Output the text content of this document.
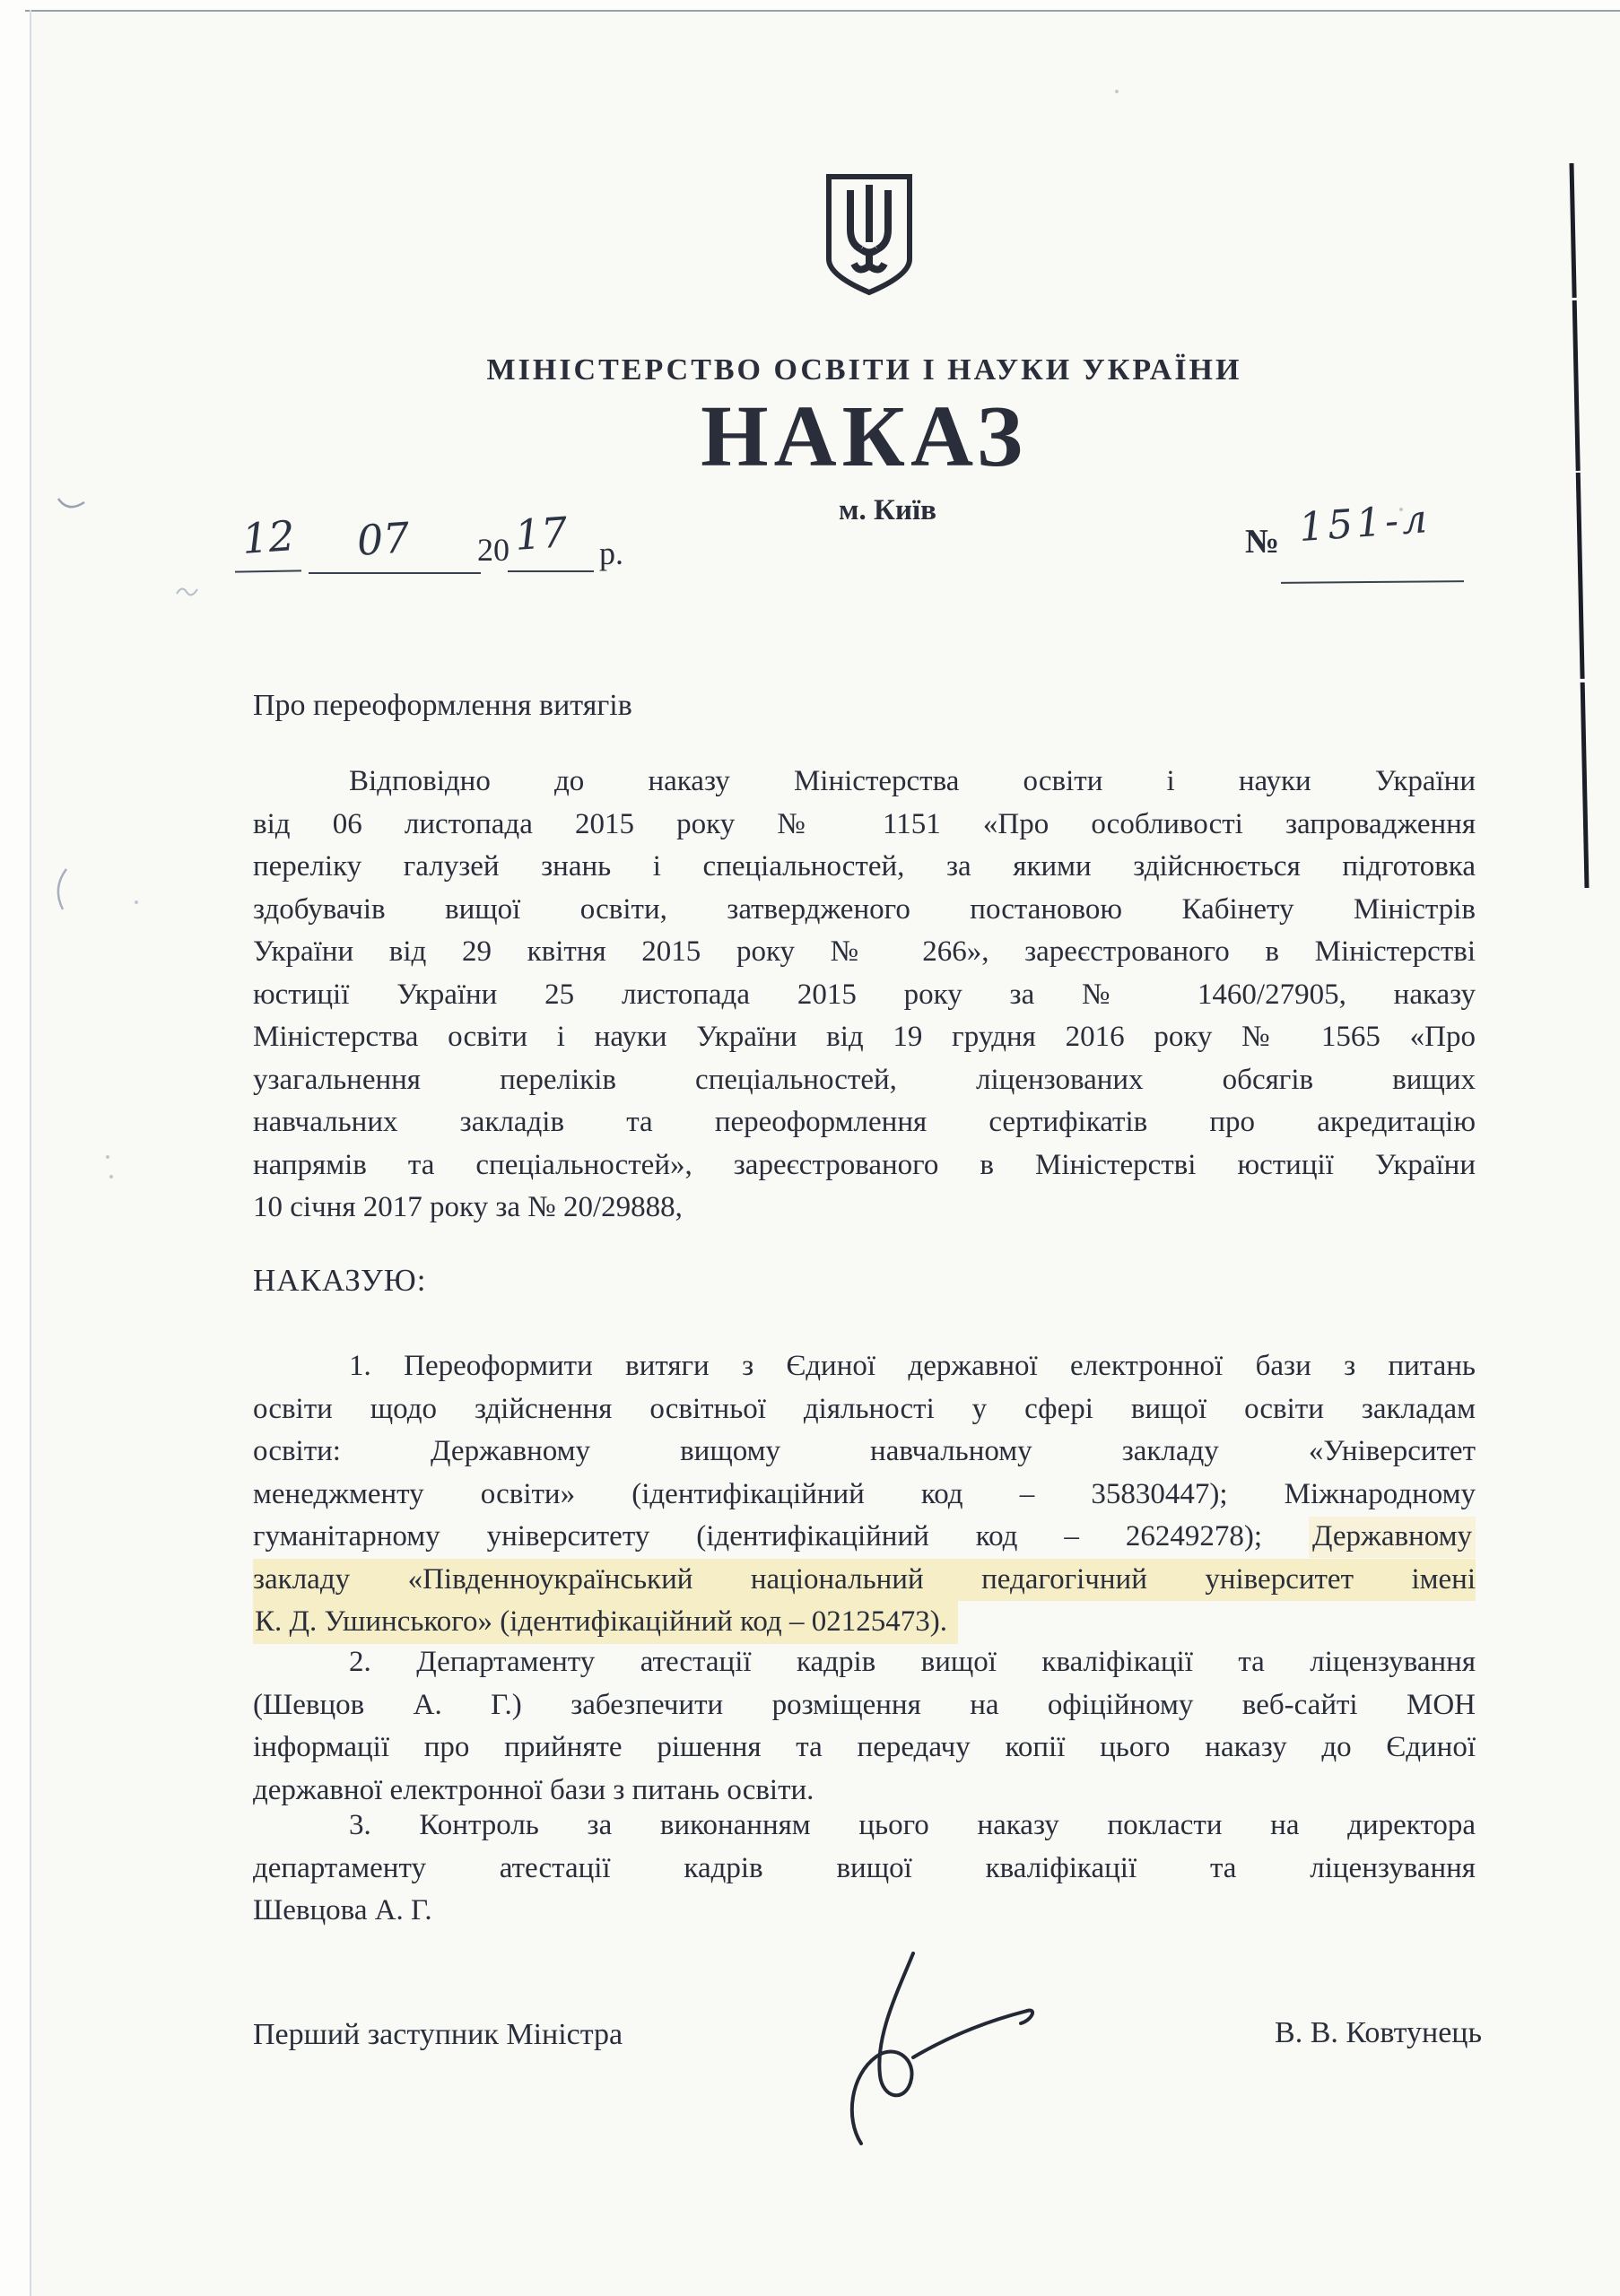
МІНІСТЕРСТВО ОСВІТИ І НАУКИ УКРАЇНИ
НАКАЗ
м. Київ
12 07 20 17 р.	№ 151-л
Про переоформлення витягів
Відповідно до наказу Міністерства освіти і науки України
від 06 листопада 2015 року № 1151 «Про особливості запровадження
переліку галузей знань і спеціальностей, за якими здійснюється підготовка
здобувачів вищої освіти, затвердженого постановою Кабінету Міністрів
України від 29 квітня 2015 року № 266», зареєстрованого в Міністерстві
юстиції України 25 листопада 2015 року за № 1460/27905, наказу
Міністерства освіти і науки України від 19 грудня 2016 року № 1565 «Про
узагальнення переліків спеціальностей, ліцензованих обсягів вищих
навчальних закладів та переоформлення сертифікатів про акредитацію
напрямів та спеціальностей», зареєстрованого в Міністерстві юстиції України
10 січня 2017 року за № 20/29888,
НАКАЗУЮ:
1. Переоформити витяги з Єдиної державної електронної бази з питань
освіти щодо здійснення освітньої діяльності у сфері вищої освіти закладам
освіти: Державному вищому навчальному закладу «Університет
менеджменту освіти» (ідентифікаційний код – 35830447); Міжнародному
гуманітарному університету (ідентифікаційний код – 26249278); Державному
закладу «Південноукраїнський національний педагогічний університет імені
К. Д. Ушинського» (ідентифікаційний код – 02125473).
2. Департаменту атестації кадрів вищої кваліфікації та ліцензування
(Шевцов А. Г.) забезпечити розміщення на офіційному веб-сайті МОН
інформації про прийняте рішення та передачу копії цього наказу до Єдиної
державної електронної бази з питань освіти.
3. Контроль за виконанням цього наказу покласти на директора
департаменту атестації кадрів вищої кваліфікації та ліцензування
Шевцова А. Г.
Перший заступник Міністра	В. В. Ковтунець
